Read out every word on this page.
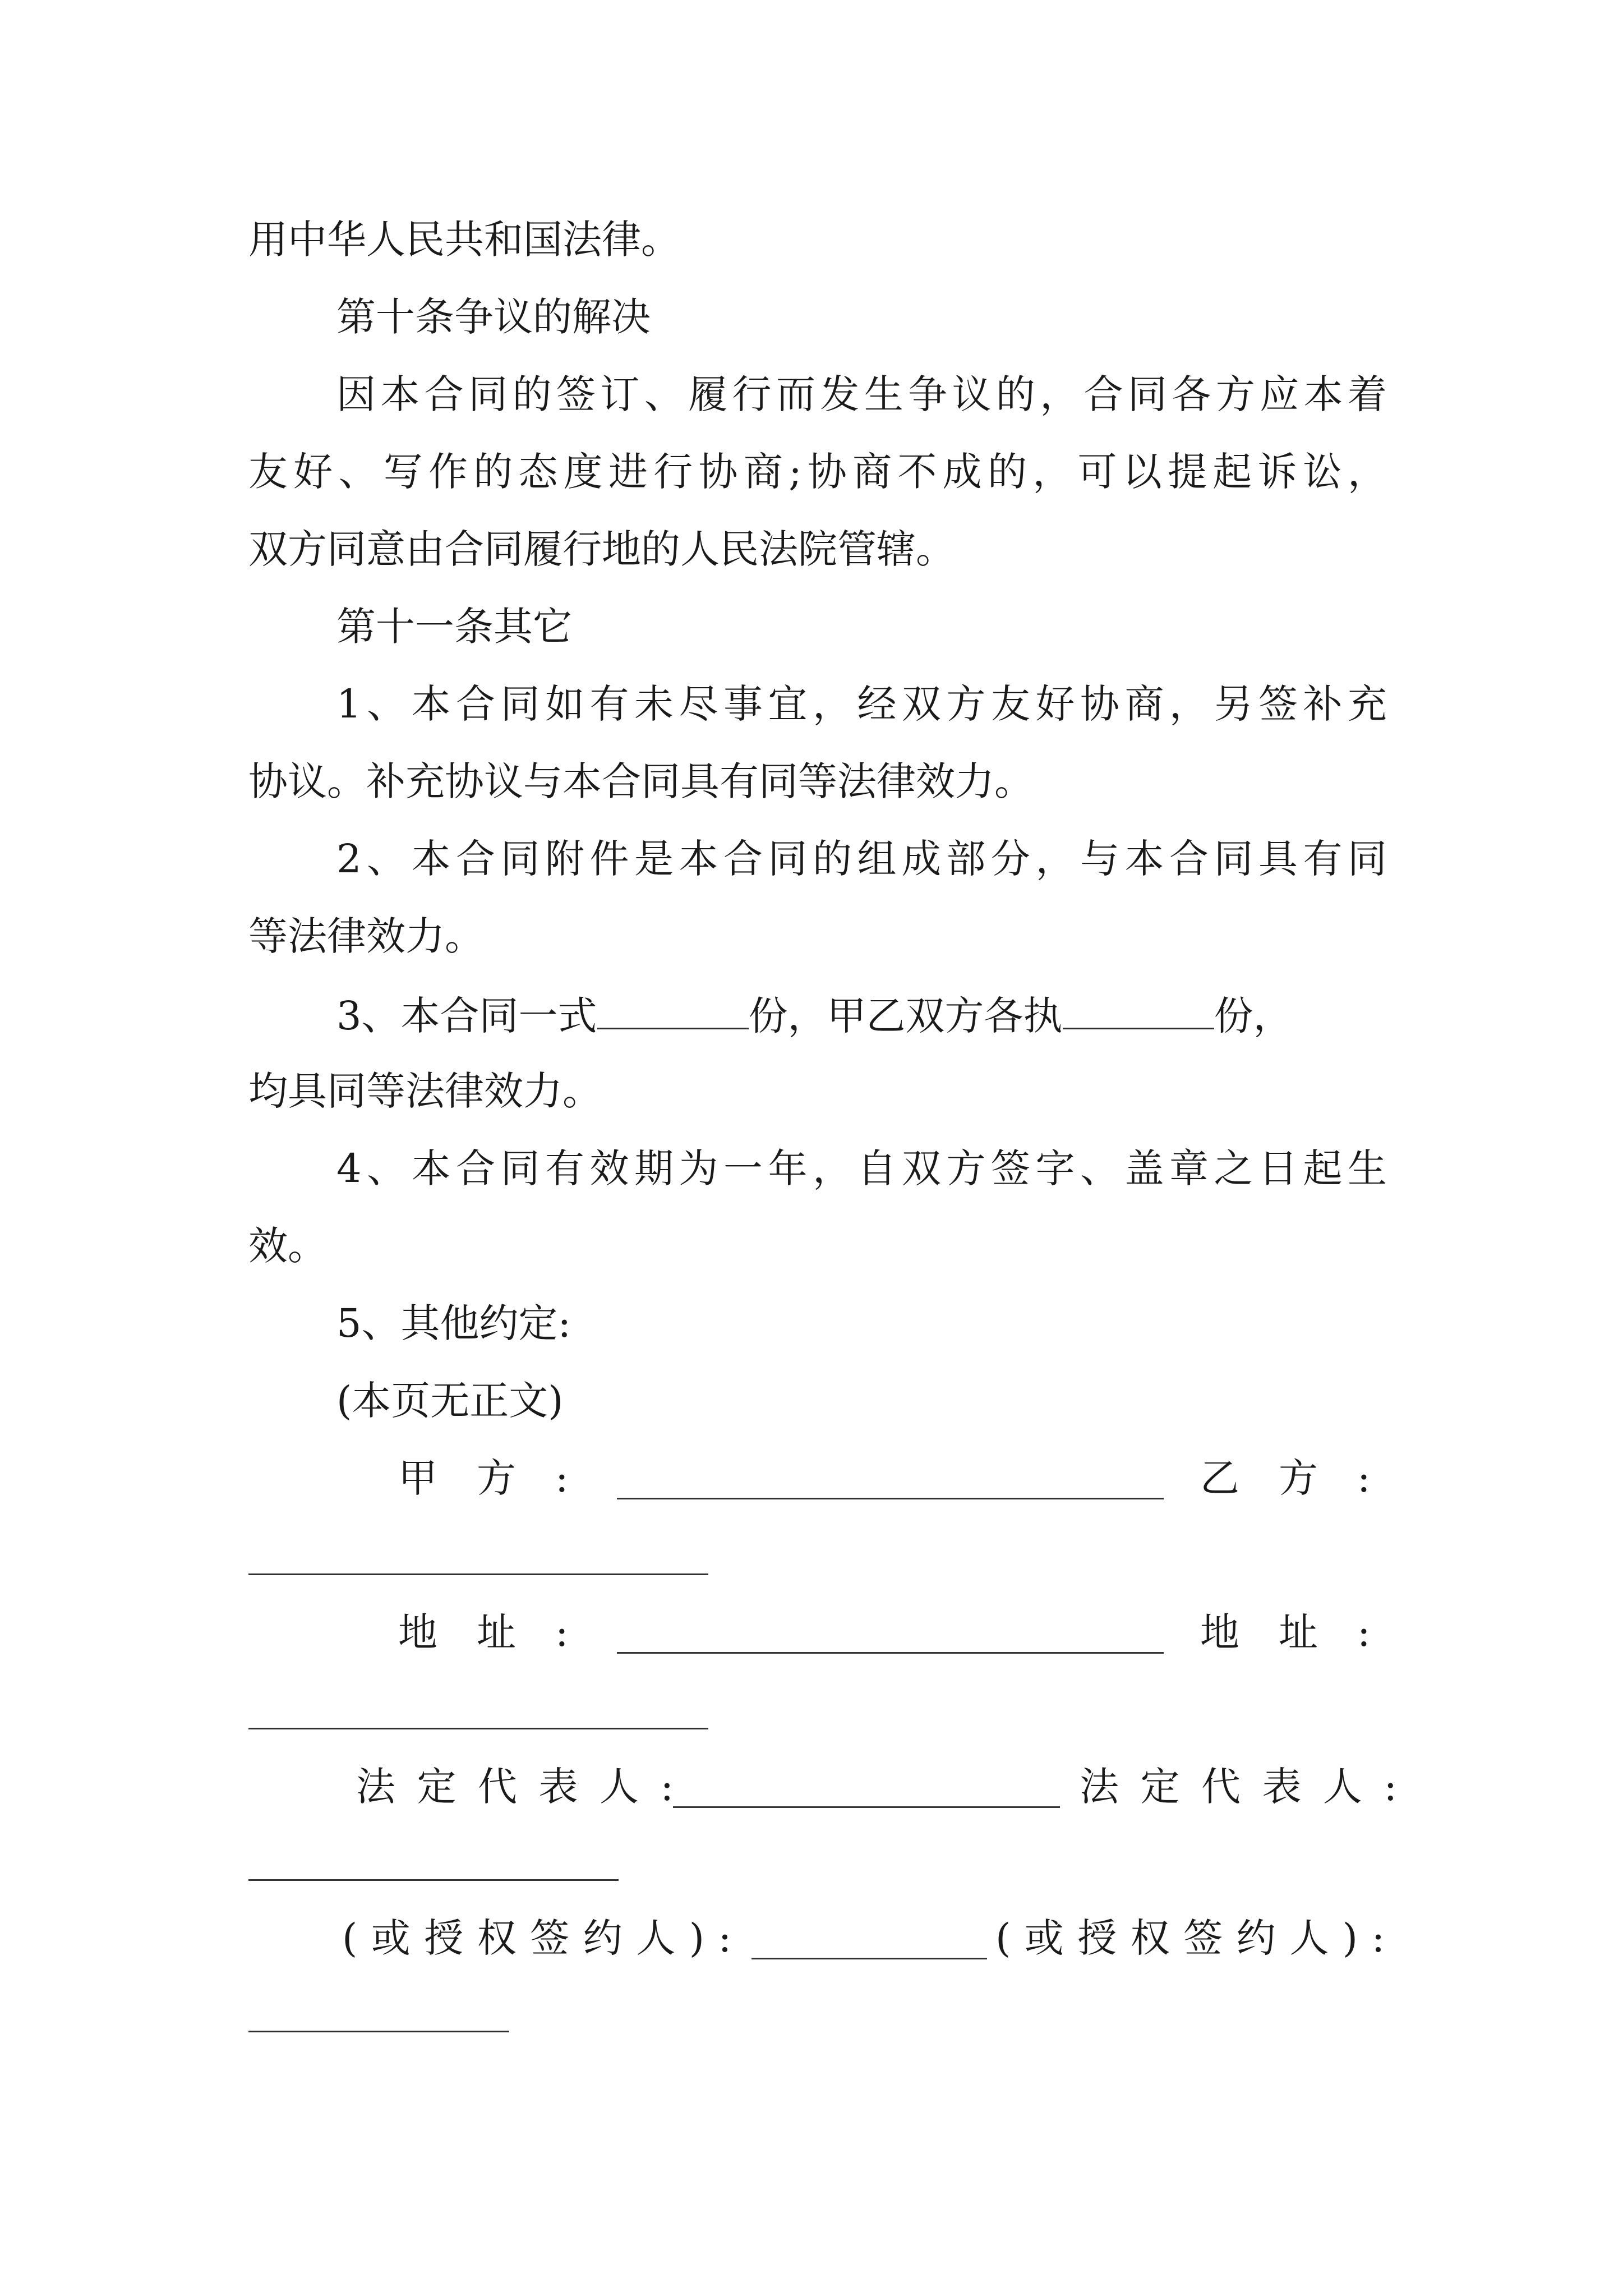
用中华人民共和国法律。
第十条争议的解决
因本合同的签订、履行而发生争议的，合同各方应本着
友好、写作的态度进行协商;协商不成的，可以提起诉讼，
双方同意由合同履行地的人民法院管辖。
第十一条其它
1、本合同如有未尽事宜，经双方友好协商，另签补充
协议。补充协议与本合同具有同等法律效力。
2、本合同附件是本合同的组成部分，与本合同具有同
等法律效力。
3、本合同一式	份，甲乙双方各执	份，
均具同等法律效力。
4、本合同有效期为一年，自双方签字、盖章之日起生
效。
5、其他约定:
(本页无正文)
甲方:	乙方:
地址:	地址:
法定代表人:	法定代表人:
(或授权签约人):	(或授权签约人):
